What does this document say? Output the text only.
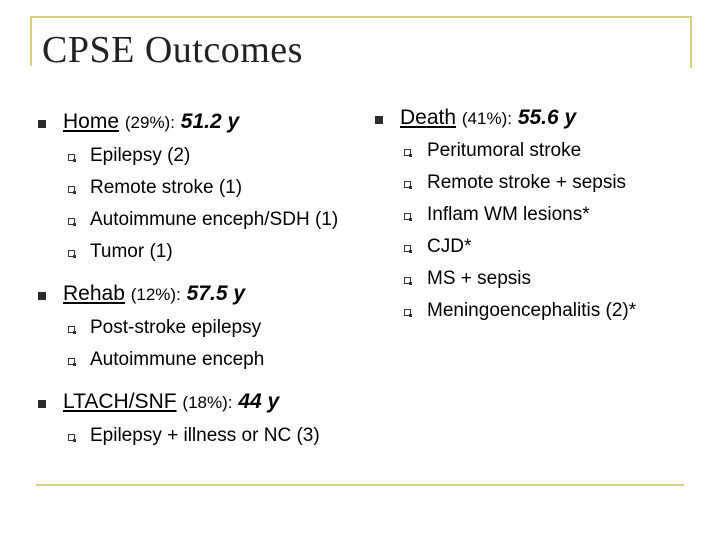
CPSE Outcomes
Home (29%): 51.2 y
Epilepsy (2)
Remote stroke (1)
Autoimmune enceph/SDH (1)
Tumor (1)
Rehab (12%): 57.5 y
Post-stroke epilepsy
Autoimmune enceph
LTACH/SNF (18%): 44 y
Epilepsy + illness or NC (3)
Death (41%): 55.6 y
Peritumoral stroke
Remote stroke + sepsis
Inflam WM lesions*
CJD*
MS + sepsis
Meningoencephalitis (2)*
